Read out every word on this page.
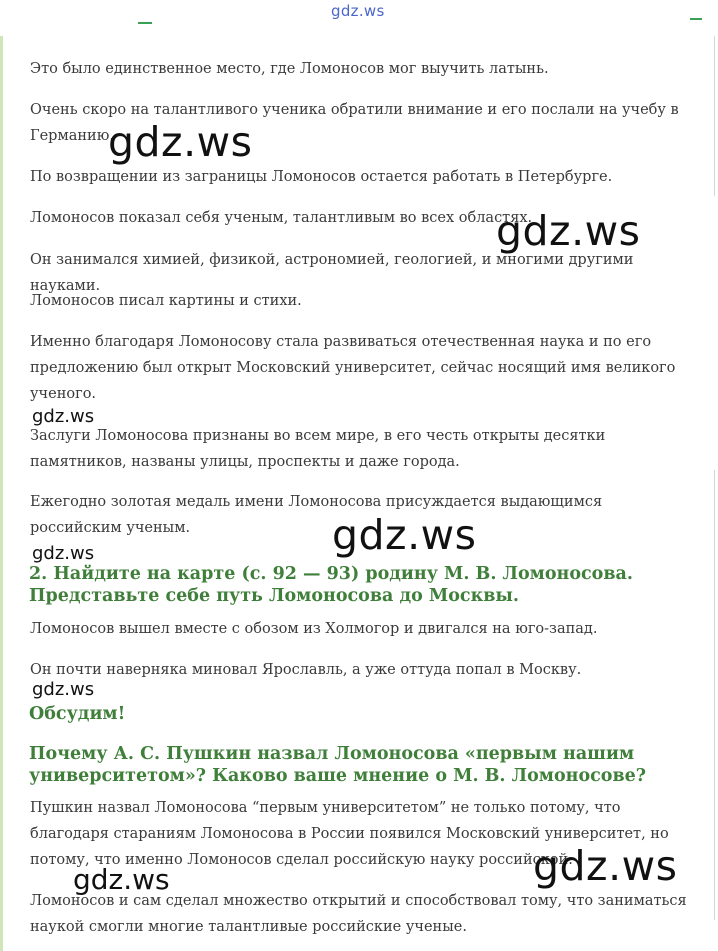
gdz.ws

Это было единственное место, где Ломоносов мог выучить латынь.

Очень скоро на талантливого ученика обратили внимание и его послали на учебу в Германию.

По возвращении из заграницы Ломоносов остается работать в Петербурге.

Ломоносов показал себя ученым, талантливым во всех областях.

Он занимался химией, физикой, астрономией, геологией, и многими другими науками.

Ломоносов писал картины и стихи.

Именно благодаря Ломоносову стала развиваться отечественная наука и по его предложению был открыт Московский университет, сейчас носящий имя великого ученого.

Заслуги Ломоносова признаны во всем мире, в его честь открыты десятки памятников, названы улицы, проспекты и даже города.

Ежегодно золотая медаль имени Ломоносова присуждается выдающимся российским ученым.

2. Найдите на карте (с. 92 — 93) родину М. В. Ломоносова. Представьте себе путь Ломоносова до Москвы.

Ломоносов вышел вместе с обозом из Холмогор и двигался на юго-запад.

Он почти наверняка миновал Ярославль, а уже оттуда попал в Москву.

Обсудим!
Почему А. С. Пушкин назвал Ломоносова «первым нашим университетом»? Каково ваше мнение о М. В. Ломоносове?

Пушкин назвал Ломоносова “первым университетом” не только потому, что благодаря стараниям Ломоносова в России появился Московский университет, но потому, что именно Ломоносов сделал российскую науку российской.

Ломоносов и сам сделал множество открытий и способствовал тому, что заниматься наукой смогли многие талантливые российские ученые.

gdz.ws
gdz.ws
gdz.ws
gdz.ws
gdz.ws
gdz.ws
gdz.ws
gdz.ws
